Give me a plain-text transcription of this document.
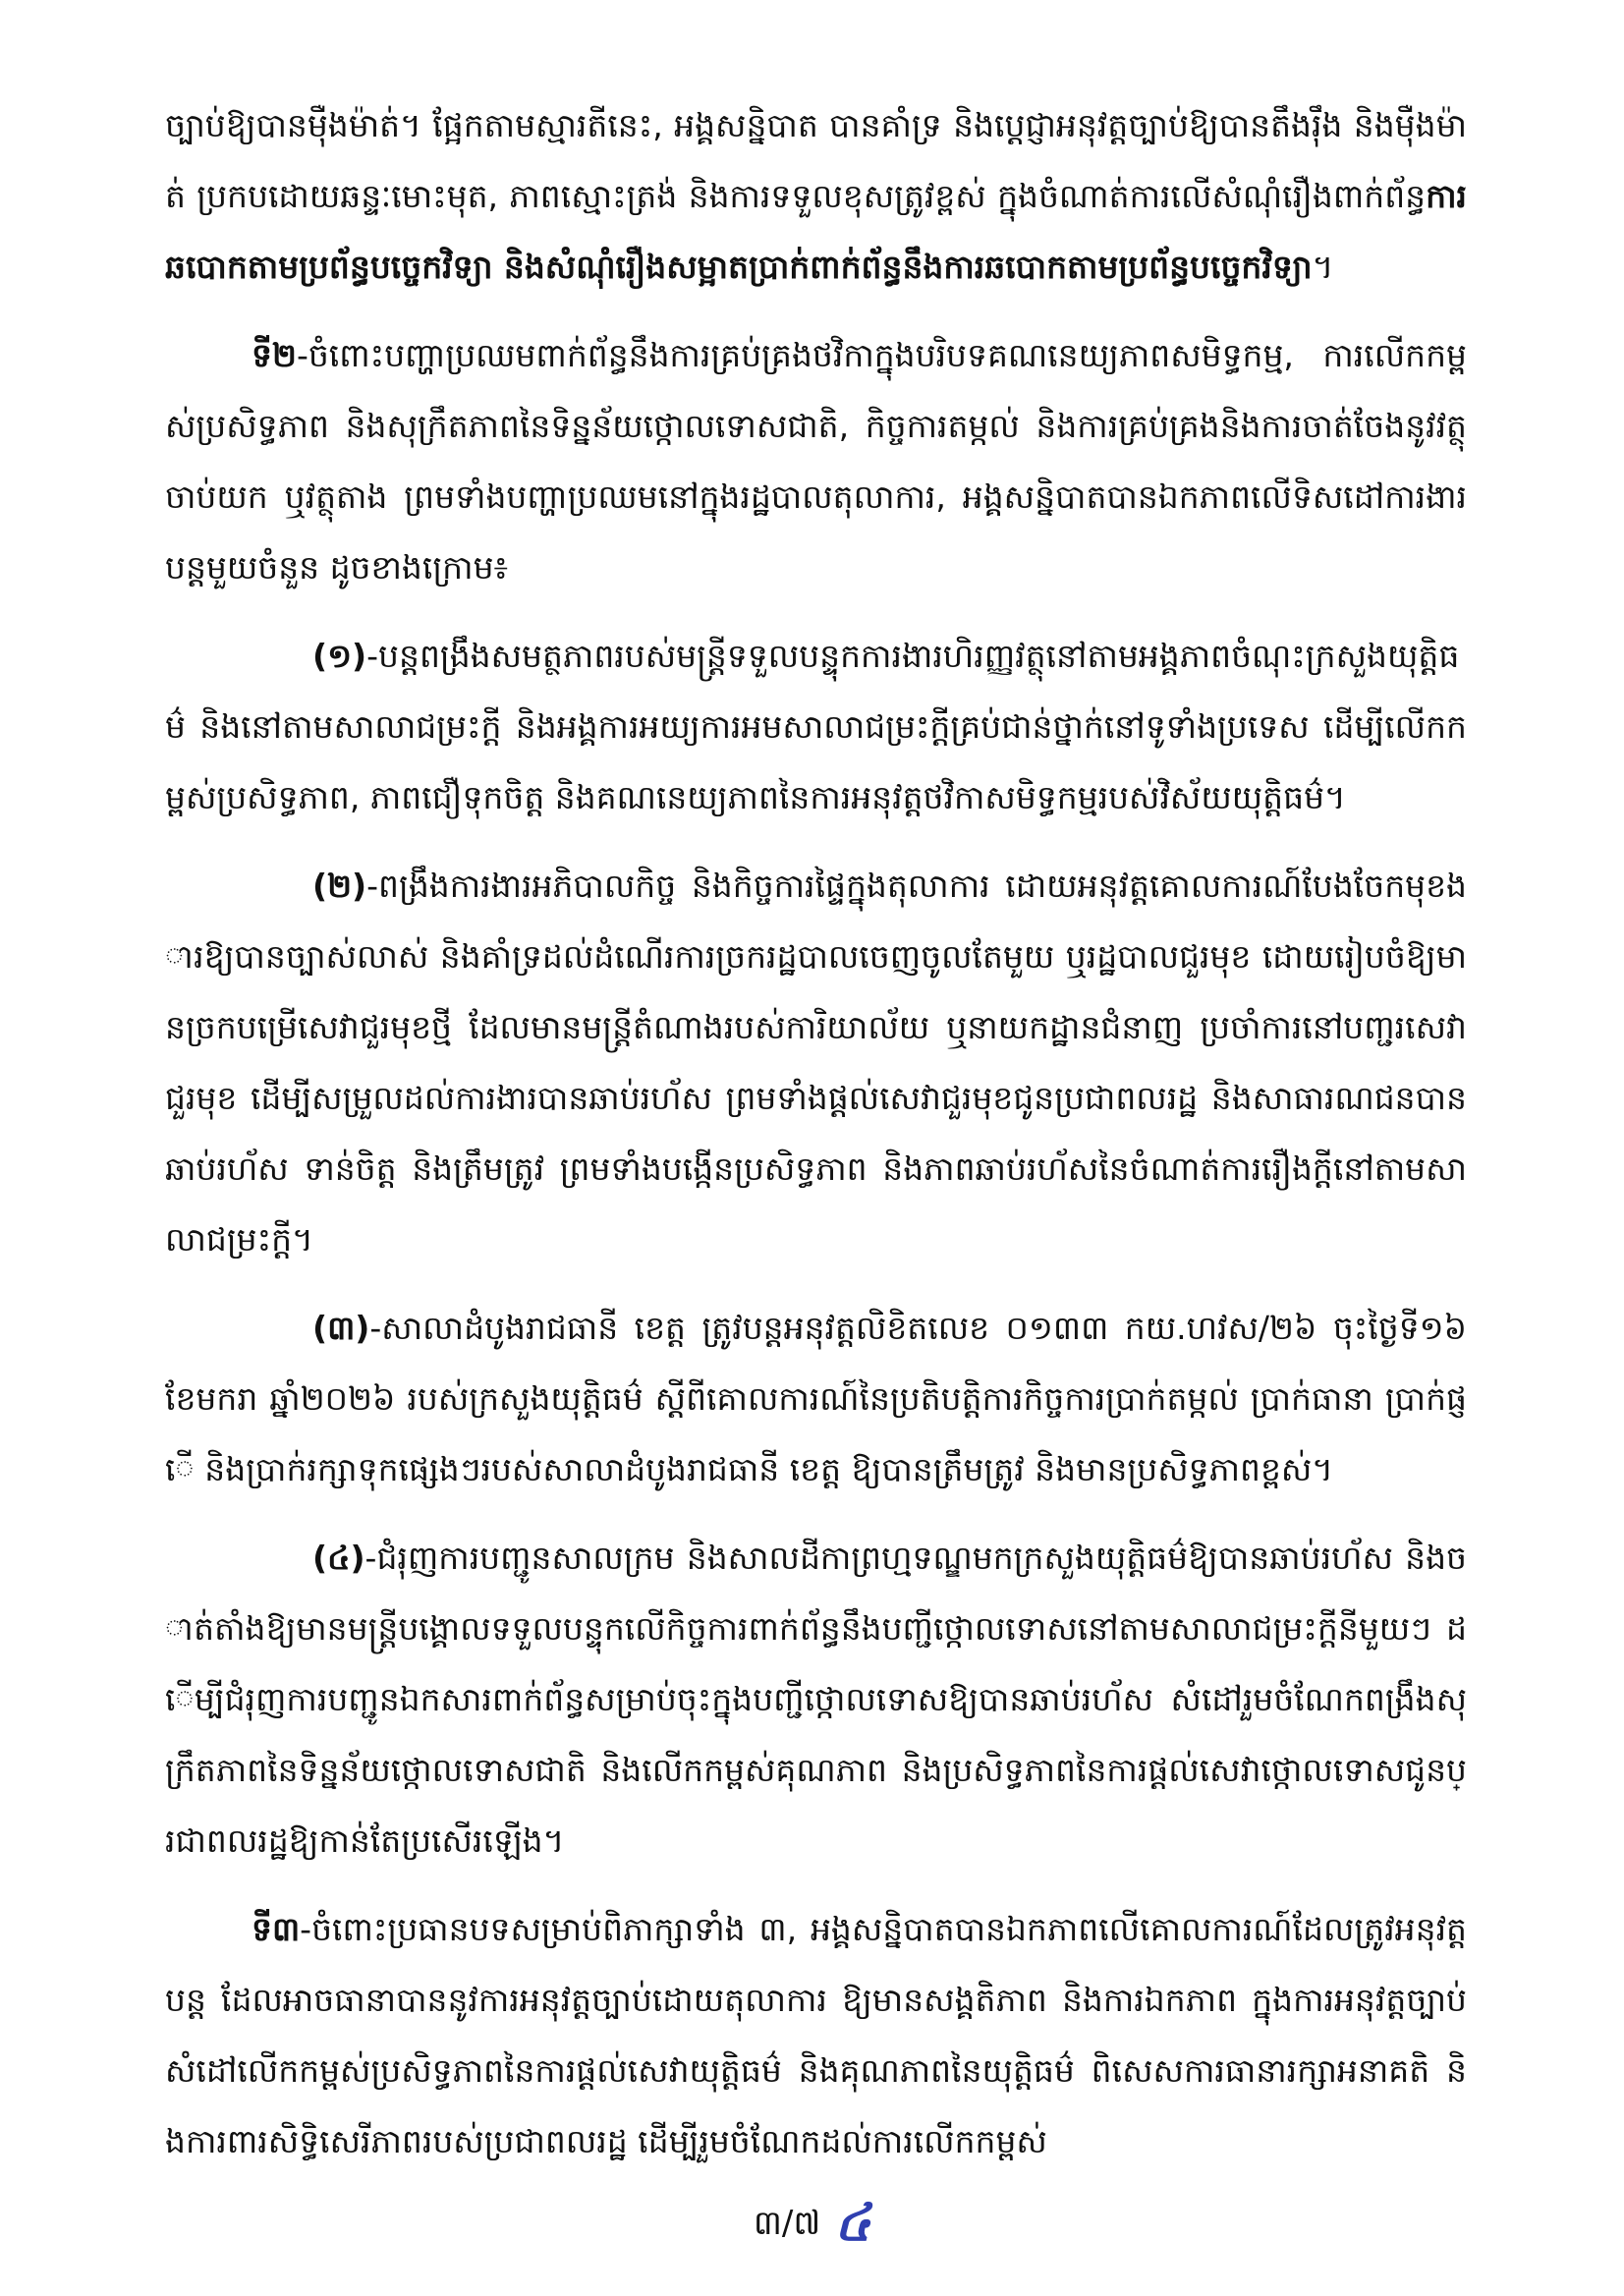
ច្បាប់ឱ្យបានម៉ឺងម៉ាត់។ ផ្អែកតាមស្មារតីនេះ, អង្គសន្និបាត បានគាំទ្រ និងប្ដេជ្ញាអនុវត្តច្បាប់ឱ្យបានតឹងរ៉ឹង និងម៉ឺងម៉ាត់ ប្រកបដោយឆន្ទៈមោះមុត, ភាពស្មោះត្រង់ និងការទទួលខុសត្រូវខ្ពស់ ក្នុងចំណាត់ការលើសំណុំរឿងពាក់ព័ន្ធការឆបោកតាមប្រព័ន្ធបច្ចេកវិទ្យា និងសំណុំរឿងសម្អាតប្រាក់ពាក់ព័ន្ធនឹងការឆបោកតាមប្រព័ន្ធបច្ចេកវិទ្យា។

ទី២-ចំពោះបញ្ហាប្រឈមពាក់ព័ន្ធនឹងការគ្រប់គ្រងថវិកាក្នុងបរិបទគណនេយ្យភាពសមិទ្ធកម្ម, ការលើកកម្ពស់ប្រសិទ្ធភាព និងសុក្រឹតភាពនៃទិន្នន័យថ្កោលទោសជាតិ, កិច្ចការតម្កល់ និងការគ្រប់គ្រងនិងការចាត់ចែងនូវវត្ថុចាប់យក ឬវត្ថុតាង ព្រមទាំងបញ្ហាប្រឈមនៅក្នុងរដ្ឋបាលតុលាការ, អង្គសន្និបាតបានឯកភាពលើទិសដៅការងារបន្តមួយចំនួន ដូចខាងក្រោម៖

(១)-បន្តពង្រឹងសមត្ថភាពរបស់មន្ត្រីទទួលបន្ទុកការងារហិរញ្ញវត្ថុនៅតាមអង្គភាពចំណុះក្រសួងយុត្តិធម៌ និងនៅតាមសាលាជម្រះក្ដី និងអង្គការអយ្យការអមសាលាជម្រះក្ដីគ្រប់ជាន់ថ្នាក់នៅទូទាំងប្រទេស ដើម្បីលើកកម្ពស់ប្រសិទ្ធភាព, ភាពជឿទុកចិត្ត និងគណនេយ្យភាពនៃការអនុវត្តថវិកាសមិទ្ធកម្មរបស់វិស័យយុត្តិធម៌។

(២)-ពង្រឹងការងារអភិបាលកិច្ច និងកិច្ចការផ្ទៃក្នុងតុលាការ ដោយអនុវត្តគោលការណ៍បែងចែកមុខងារឱ្យបានច្បាស់លាស់ និងគាំទ្រដល់ដំណើរការច្រករដ្ឋបាលចេញចូលតែមួយ ឬរដ្ឋបាលជួរមុខ ដោយរៀបចំឱ្យមានច្រកបម្រើសេវាជួរមុខថ្មី ដែលមានមន្ត្រីតំណាងរបស់ការិយាល័យ ឬនាយកដ្ឋានជំនាញ ប្រចាំការនៅបញ្ជរសេវាជួរមុខ ដើម្បីសម្រួលដល់ការងារបានឆាប់រហ័ស ព្រមទាំងផ្ដល់សេវាជួរមុខជូនប្រជាពលរដ្ឋ និងសាធារណជនបានឆាប់រហ័ស ទាន់ចិត្ត និងត្រឹមត្រូវ ព្រមទាំងបង្កើនប្រសិទ្ធភាព និងភាពឆាប់រហ័សនៃចំណាត់ការរឿងក្ដីនៅតាមសាលាជម្រះក្ដី។

(៣)-សាលាដំបូងរាជធានី ខេត្ត ត្រូវបន្តអនុវត្តលិខិតលេខ ០១៣៣ កយ.ហវស/២៦ ចុះថ្ងៃទី១៦ ខែមករា ឆ្នាំ២០២៦ របស់ក្រសួងយុត្តិធម៌ ស្ដីពីគោលការណ៍នៃប្រតិបត្តិការកិច្ចការប្រាក់តម្កល់ ប្រាក់ធានា ប្រាក់ផ្ញើ និងប្រាក់រក្សាទុកផ្សេងៗរបស់សាលាដំបូងរាជធានី ខេត្ត ឱ្យបានត្រឹមត្រូវ និងមានប្រសិទ្ធភាពខ្ពស់។

(៤)-ជំរុញការបញ្ជូនសាលក្រម និងសាលដីកាព្រហ្មទណ្ឌមកក្រសួងយុត្តិធម៌ឱ្យបានឆាប់រហ័ស និងចាត់តាំងឱ្យមានមន្ត្រីបង្គោលទទួលបន្ទុកលើកិច្ចការពាក់ព័ន្ធនឹងបញ្ជីថ្កោលទោសនៅតាមសាលាជម្រះក្ដីនីមួយៗ ដើម្បីជំរុញការបញ្ជូនឯកសារពាក់ព័ន្ធសម្រាប់ចុះក្នុងបញ្ជីថ្កោលទោសឱ្យបានឆាប់រហ័ស សំដៅរួមចំណែកពង្រឹងសុក្រឹតភាពនៃទិន្នន័យថ្កោលទោសជាតិ និងលើកកម្ពស់គុណភាព និងប្រសិទ្ធភាពនៃការផ្ដល់សេវាថ្កោលទោសជូនប្រជាពលរដ្ឋឱ្យកាន់តែប្រសើរឡើង។

ទី៣-ចំពោះប្រធានបទសម្រាប់ពិភាក្សាទាំង ៣, អង្គសន្និបាតបានឯកភាពលើគោលការណ៍ដែលត្រូវអនុវត្តបន្ត ដែលអាចធានាបាននូវការអនុវត្តច្បាប់ដោយតុលាការ ឱ្យមានសង្គតិភាព និងការឯកភាព ក្នុងការអនុវត្តច្បាប់ សំដៅលើកកម្ពស់ប្រសិទ្ធភាពនៃការផ្ដល់សេវាយុត្តិធម៌ និងគុណភាពនៃយុត្តិធម៌ ពិសេសការធានារក្សាអនាគតិ និងការពារសិទ្ធិសេរីភាពរបស់ប្រជាពលរដ្ឋ ដើម្បីរួមចំណែកដល់ការលើកកម្ពស់

៣/៧ ៤
